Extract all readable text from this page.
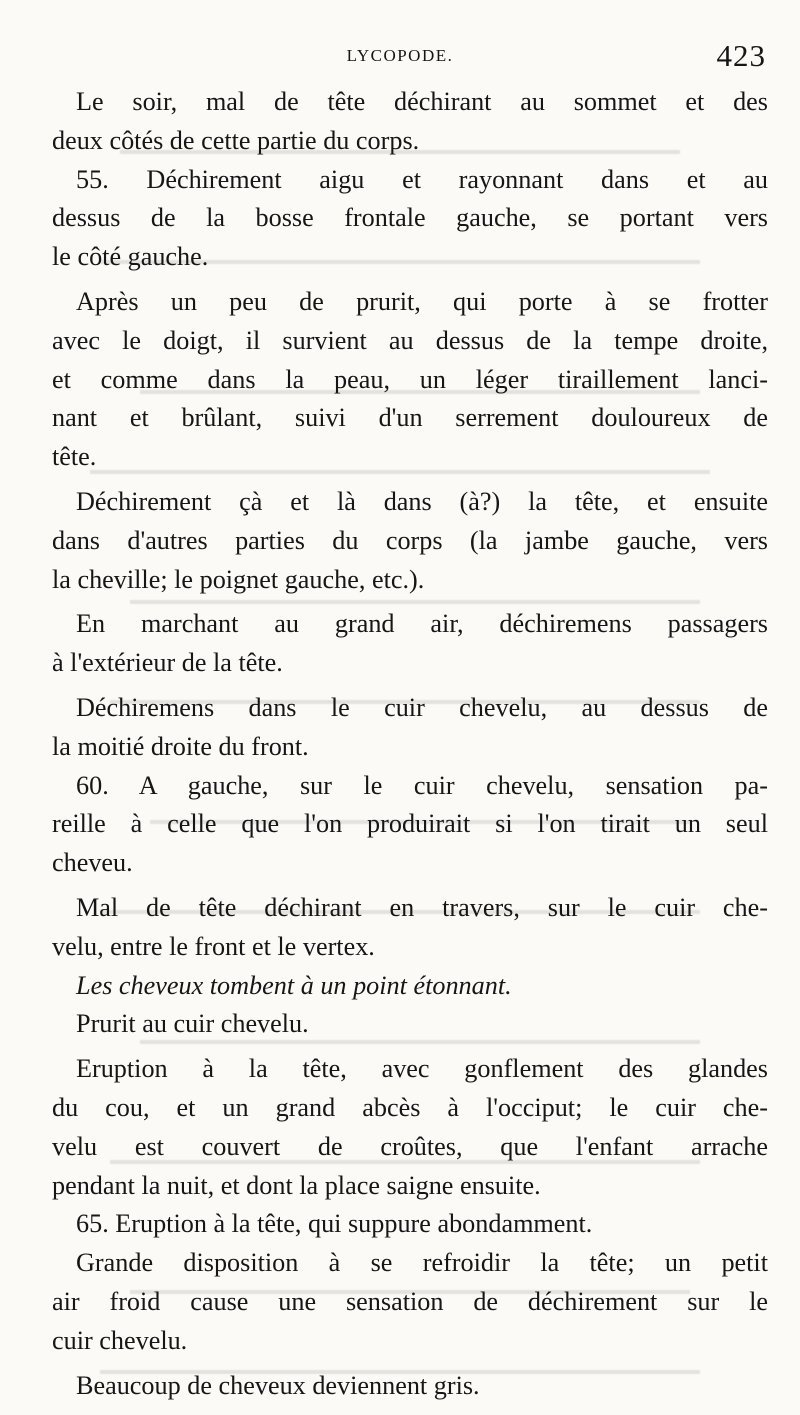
LYCOPODE.	423
Le soir, mal de tête déchirant au sommet et des
deux côtés de cette partie du corps.
55. Déchirement aigu et rayonnant dans et au
dessus de la bosse frontale gauche, se portant vers
le côté gauche.
Après un peu de prurit, qui porte à se frotter
avec le doigt, il survient au dessus de la tempe droite,
et comme dans la peau, un léger tiraillement lanci-
nant et brûlant, suivi d'un serrement douloureux de
tête.
Déchirement çà et là dans (à?) la tête, et ensuite
dans d'autres parties du corps (la jambe gauche, vers
la cheville; le poignet gauche, etc.).
En marchant au grand air, déchiremens passagers
à l'extérieur de la tête.
Déchiremens dans le cuir chevelu, au dessus de
la moitié droite du front.
60. A gauche, sur le cuir chevelu, sensation pa-
reille à celle que l'on produirait si l'on tirait un seul
cheveu.
Mal de tête déchirant en travers, sur le cuir che-
velu, entre le front et le vertex.
Les cheveux tombent à un point étonnant.
Prurit au cuir chevelu.
Eruption à la tête, avec gonflement des glandes
du cou, et un grand abcès à l'occiput; le cuir che-
velu est couvert de croûtes, que l'enfant arrache
pendant la nuit, et dont la place saigne ensuite.
65. Eruption à la tête, qui suppure abondamment.
Grande disposition à se refroidir la tête; un petit
air froid cause une sensation de déchirement sur le
cuir chevelu.
Beaucoup de cheveux deviennent gris.
